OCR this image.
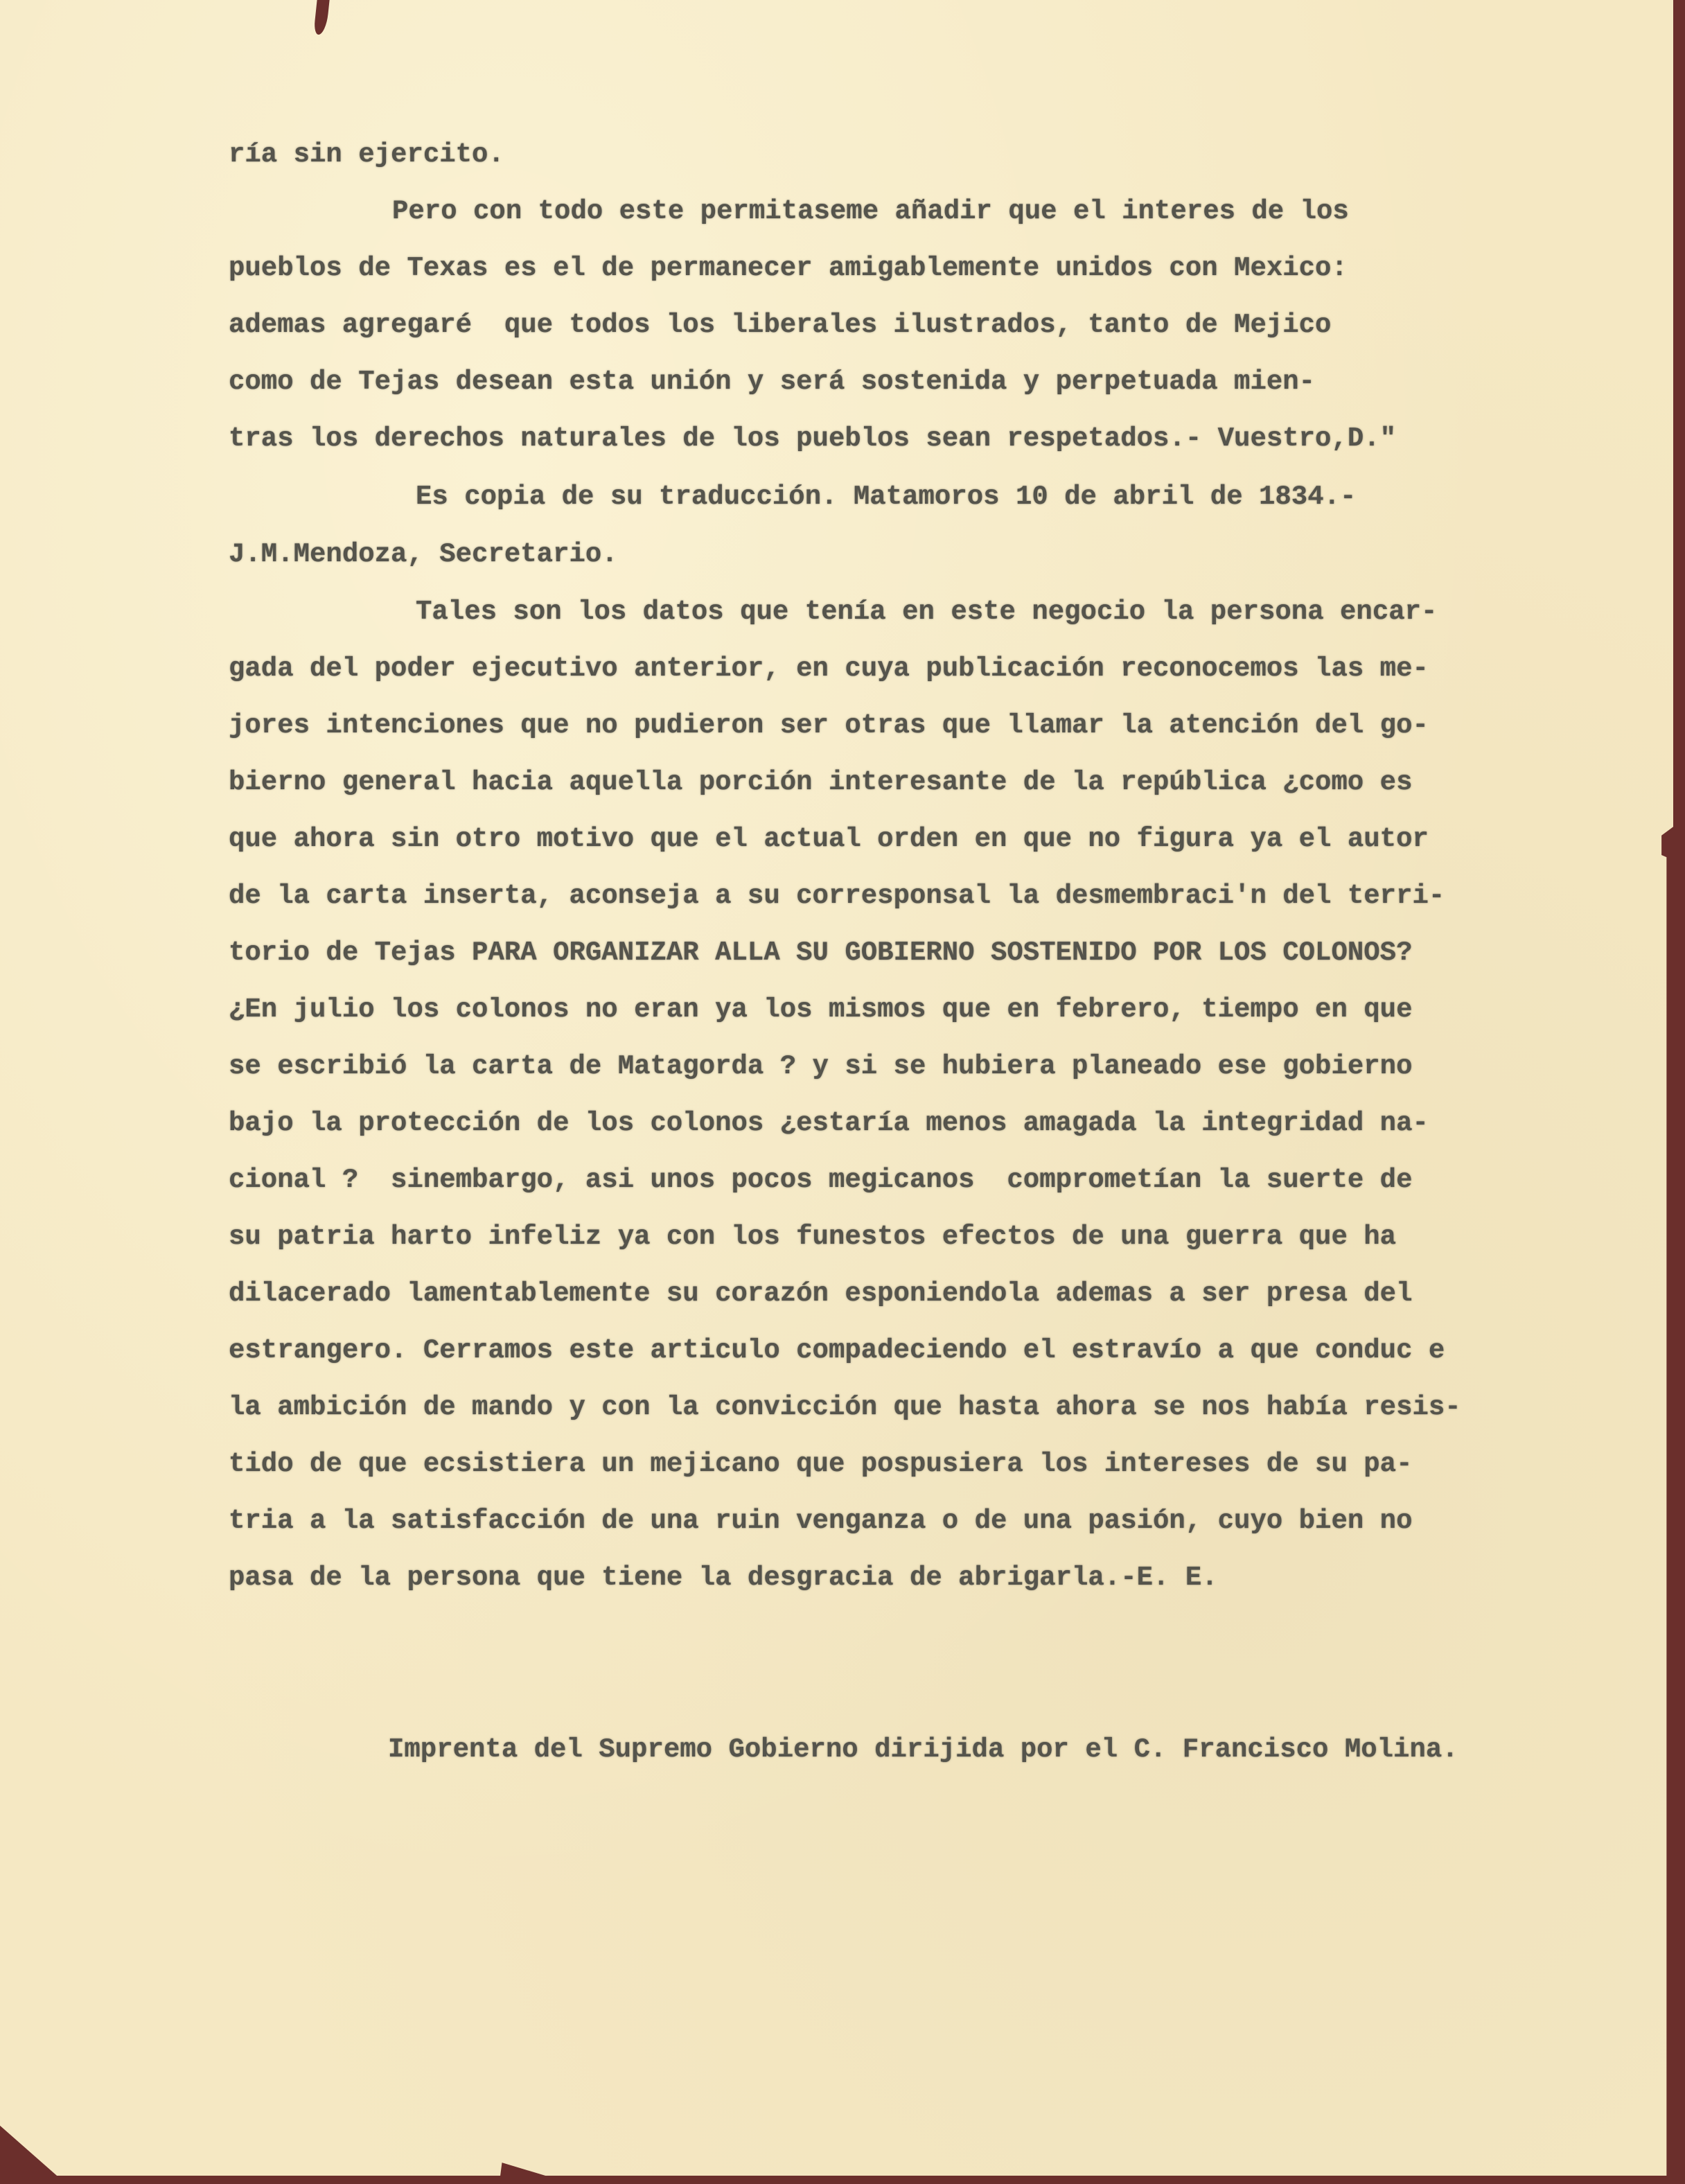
ría sin ejercito.
Pero con todo este permitaseme añadir que el interes de los
pueblos de Texas es el de permanecer amigablemente unidos con Mexico:
ademas agregaré  que todos los liberales ilustrados, tanto de Mejico
como de Tejas desean esta unión y será sostenida y perpetuada mien-
tras los derechos naturales de los pueblos sean respetados.- Vuestro,D."
Es copia de su traducción. Matamoros 10 de abril de 1834.-
J.M.Mendoza, Secretario.
Tales son los datos que tenía en este negocio la persona encar-
gada del poder ejecutivo anterior, en cuya publicación reconocemos las me-
jores intenciones que no pudieron ser otras que llamar la atención del go-
bierno general hacia aquella porción interesante de la república ¿como es
que ahora sin otro motivo que el actual orden en que no figura ya el autor
de la carta inserta, aconseja a su corresponsal la desmembraci'n del terri-
torio de Tejas PARA ORGANIZAR ALLA SU GOBIERNO SOSTENIDO POR LOS COLONOS?
¿En julio los colonos no eran ya los mismos que en febrero, tiempo en que
se escribió la carta de Matagorda ? y si se hubiera planeado ese gobierno
bajo la protección de los colonos ¿estaría menos amagada la integridad na-
cional ?  sinembargo, asi unos pocos megicanos  comprometían la suerte de
su patria harto infeliz ya con los funestos efectos de una guerra que ha
dilacerado lamentablemente su corazón esponiendola ademas a ser presa del
estrangero. Cerramos este articulo compadeciendo el estravío a que conduc e
la ambición de mando y con la convicción que hasta ahora se nos había resis-
tido de que ecsistiera un mejicano que pospusiera los intereses de su pa-
tria a la satisfacción de una ruin venganza o de una pasión, cuyo bien no
pasa de la persona que tiene la desgracia de abrigarla.-E. E.
Imprenta del Supremo Gobierno dirijida por el C. Francisco Molina.
